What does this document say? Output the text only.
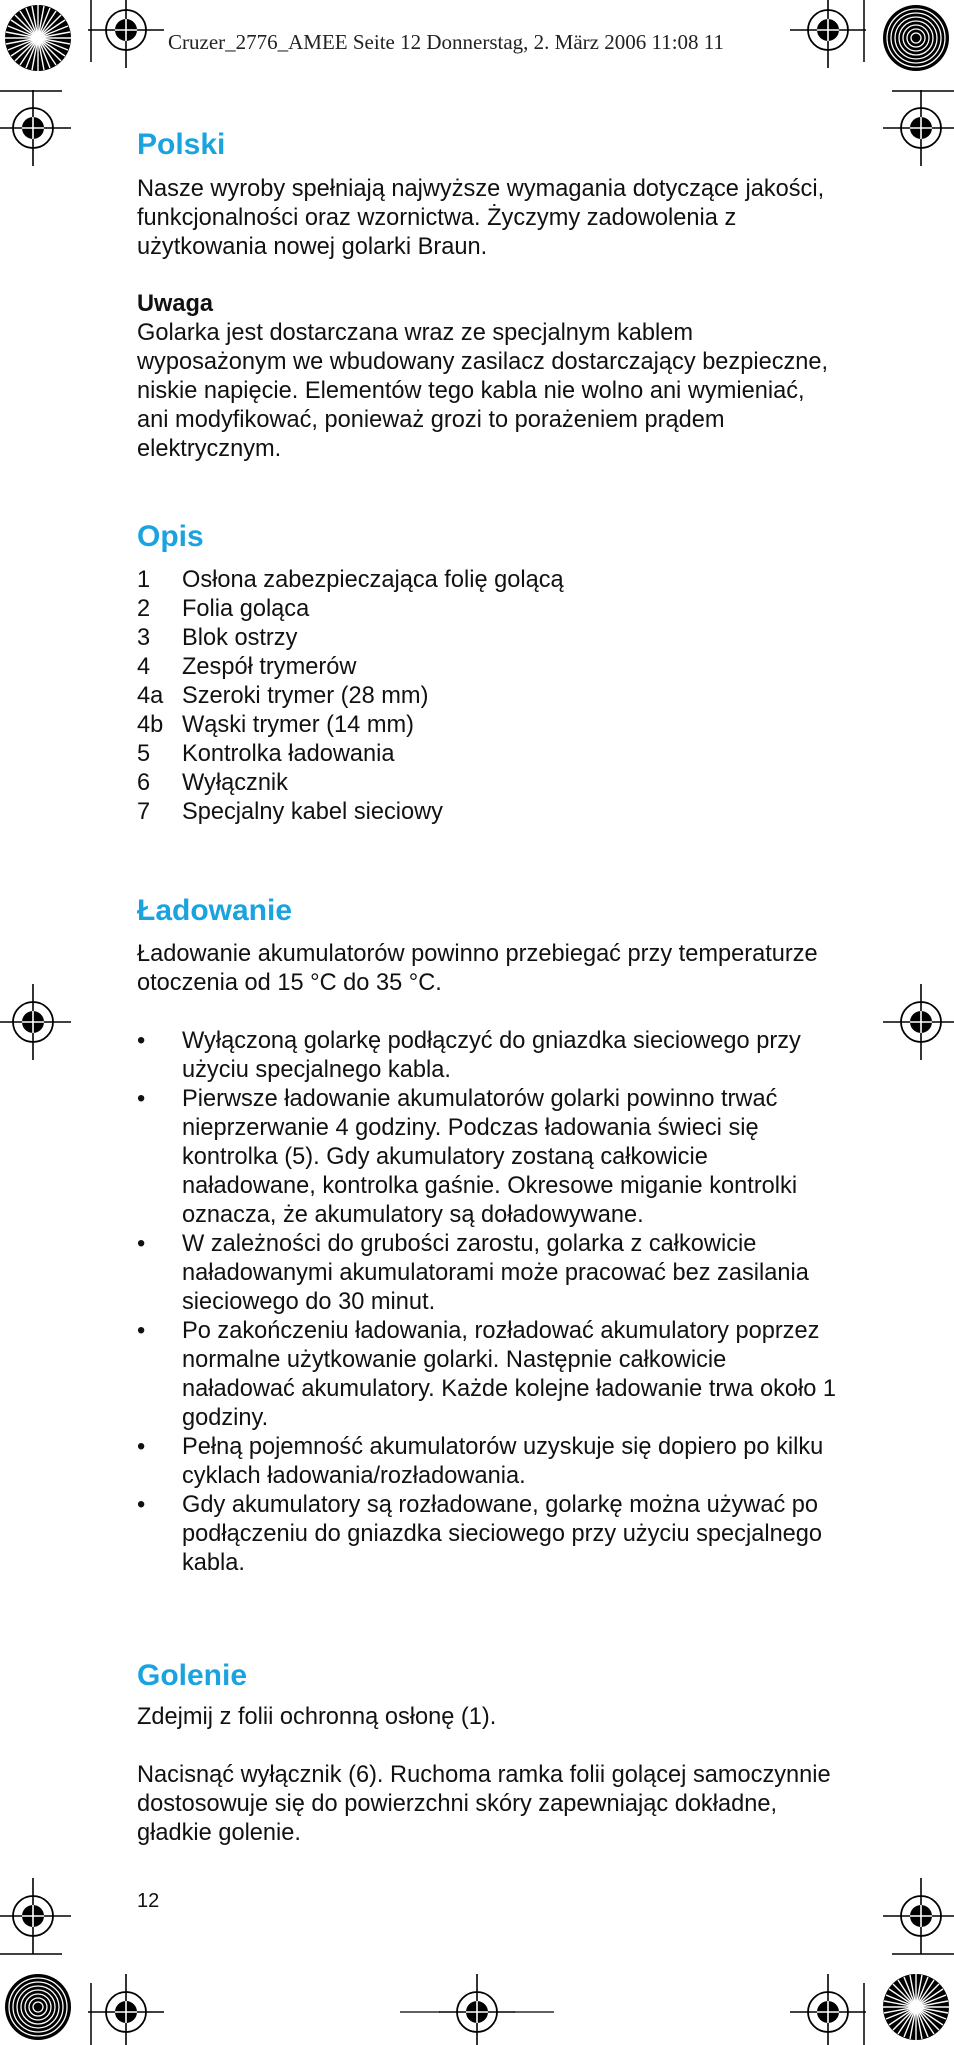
Cruzer_2776_AMEE Seite 12 Donnerstag, 2. März 2006 11:08 11
Polski

Nasze wyroby spełniają najwyższe wymagania dotyczące jakości, funkcjonalności oraz wzornictwa. Życzymy zadowolenia z użytkowania nowej golarki Braun.

Uwaga

Golarka jest dostarczana wraz ze specjalnym kablem wyposażonym we wbudowany zasilacz dostarczający bezpieczne, niskie napięcie. Elementów tego kabla nie wolno ani wymieniać, ani modyfikować, ponieważ grozi to porażeniem prądem elektrycznym.

Opis
1	Osłona zabezpieczająca folię golącą
2	Folia goląca
3	Blok ostrzy
4	Zespół trymerów
4a Szeroki trymer (28 mm)
4b Wąski trymer (14 mm)
5	Kontrolka ładowania
6	Wyłącznik
7	Specjalny kabel sieciowy
Ładowanie

Ładowanie akumulatorów powinno przebiegać przy temperaturze otoczenia od 15 °C do 35 °C.

• Wyłączoną golarkę podłączyć do gniazdka sieciowego przy użyciu specjalnego kabla.
• Pierwsze ładowanie akumulatorów golarki powinno trwać nieprzerwanie 4 godziny. Podczas ładowania świeci się kontrolka (5). Gdy akumulatory zostaną całkowicie naładowane, kontrolka gaśnie. Okresowe miganie kontrolki oznacza, że akumulatory są doładowywane.
• W zależności do grubości zarostu, golarka z całkowicie naładowanymi akumulatorami może pracować bez zasilania sieciowego do 30 minut.
• Po zakończeniu ładowania, rozładować akumulatory poprzez normalne użytkowanie golarki. Następnie całkowicie naładować akumulatory. Każde kolejne ładowanie trwa około 1 godziny.
• Pełną pojemność akumulatorów uzyskuje się dopiero po kilku cyklach ładowania/rozładowania.
• Gdy akumulatory są rozładowane, golarkę można używać po podłączeniu do gniazdka sieciowego przy użyciu specjalnego kabla.
Golenie

Zdejmij z folii ochronną osłonę (1).

Nacisnąć wyłącznik (6). Ruchoma ramka folii golącej samoczynnie dostosowuje się do powierzchni skóry zapewniając dokładne, gładkie golenie.

12
